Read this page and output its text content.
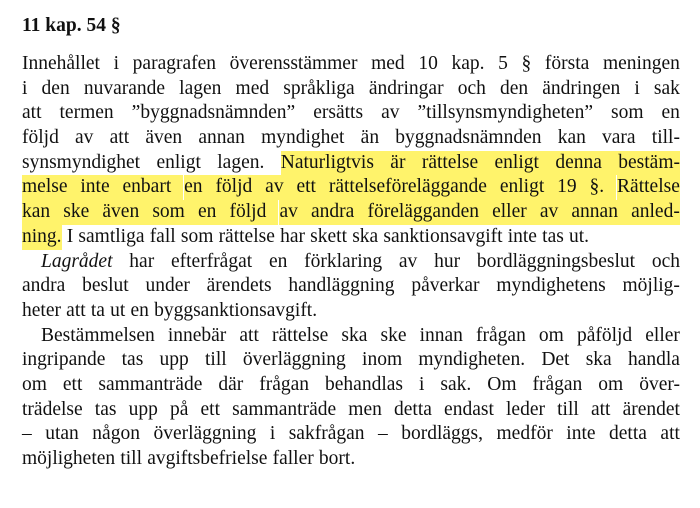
11 kap. 54 §
Innehållet i paragrafen överensstämmer med 10 kap. 5 § första meningen
i den nuvarande lagen med språkliga ändringar och den ändringen i sak
att termen ”byggnadsnämnden” ersätts av ”tillsynsmyndigheten” som en
följd av att även annan myndighet än byggnadsnämnden kan vara till-
synsmyndighet enligt lagen. Naturligtvis är rättelse enligt denna bestäm-
melse inte enbart en följd av ett rättelseföreläggande enligt 19 §. Rättelse
kan ske även som en följd av andra förelägganden eller av annan anled-
ning. I samtliga fall som rättelse har skett ska sanktionsavgift inte tas ut.
Lagrådet har efterfrågat en förklaring av hur bordläggningsbeslut och
andra beslut under ärendets handläggning påverkar myndighetens möjlig-
heter att ta ut en byggsanktionsavgift.
Bestämmelsen innebär att rättelse ska ske innan frågan om påföljd eller
ingripande tas upp till överläggning inom myndigheten. Det ska handla
om ett sammanträde där frågan behandlas i sak. Om frågan om över-
trädelse tas upp på ett sammanträde men detta endast leder till att ärendet
– utan någon överläggning i sakfrågan – bordläggs, medför inte detta att
möjligheten till avgiftsbefrielse faller bort.
